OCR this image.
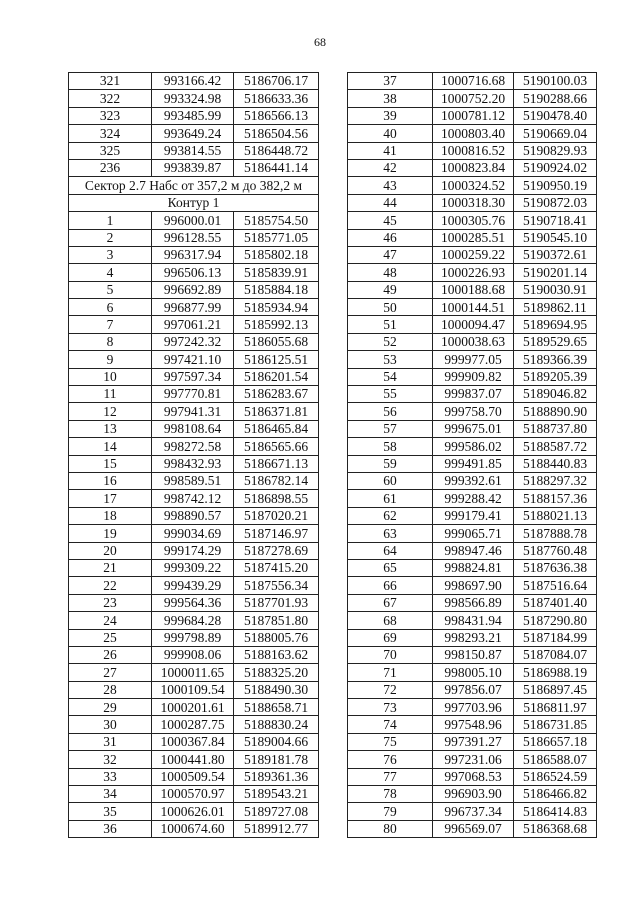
68
321	993166.42	5186706.17
322	993324.98	5186633.36
323	993485.99	5186566.13
324	993649.24	5186504.56
325	993814.55	5186448.72
236	993839.87	5186441.14
Сектор 2.7 Набс от 357,2 м до 382,2 м		
Контур 1		
1	996000.01	5185754.50
2	996128.55	5185771.05
3	996317.94	5185802.18
4	996506.13	5185839.91
5	996692.89	5185884.18
6	996877.99	5185934.94
7	997061.21	5185992.13
8	997242.32	5186055.68
9	997421.10	5186125.51
10	997597.34	5186201.54
11	997770.81	5186283.67
12	997941.31	5186371.81
13	998108.64	5186465.84
14	998272.58	5186565.66
15	998432.93	5186671.13
16	998589.51	5186782.14
17	998742.12	5186898.55
18	998890.57	5187020.21
19	999034.69	5187146.97
20	999174.29	5187278.69
21	999309.22	5187415.20
22	999439.29	5187556.34
23	999564.36	5187701.93
24	999684.28	5187851.80
25	999798.89	5188005.76
26	999908.06	5188163.62
27	1000011.65	5188325.20
28	1000109.54	5188490.30
29	1000201.61	5188658.71
30	1000287.75	5188830.24
31	1000367.84	5189004.66
32	1000441.80	5189181.78
33	1000509.54	5189361.36
34	1000570.97	5189543.21
35	1000626.01	5189727.08
36	1000674.60	5189912.77
37	1000716.68	5190100.03
38	1000752.20	5190288.66
39	1000781.12	5190478.40
40	1000803.40	5190669.04
41	1000816.52	5190829.93
42	1000823.84	5190924.02
43	1000324.52	5190950.19
44	1000318.30	5190872.03
45	1000305.76	5190718.41
46	1000285.51	5190545.10
47	1000259.22	5190372.61
48	1000226.93	5190201.14
49	1000188.68	5190030.91
50	1000144.51	5189862.11
51	1000094.47	5189694.95
52	1000038.63	5189529.65
53	999977.05	5189366.39
54	999909.82	5189205.39
55	999837.07	5189046.82
56	999758.70	5188890.90
57	999675.01	5188737.80
58	999586.02	5188587.72
59	999491.85	5188440.83
60	999392.61	5188297.32
61	999288.42	5188157.36
62	999179.41	5188021.13
63	999065.71	5187888.78
64	998947.46	5187760.48
65	998824.81	5187636.38
66	998697.90	5187516.64
67	998566.89	5187401.40
68	998431.94	5187290.80
69	998293.21	5187184.99
70	998150.87	5187084.07
71	998005.10	5186988.19
72	997856.07	5186897.45
73	997703.96	5186811.97
74	997548.96	5186731.85
75	997391.27	5186657.18
76	997231.06	5186588.07
77	997068.53	5186524.59
78	996903.90	5186466.82
79	996737.34	5186414.83
80	996569.07	5186368.68
